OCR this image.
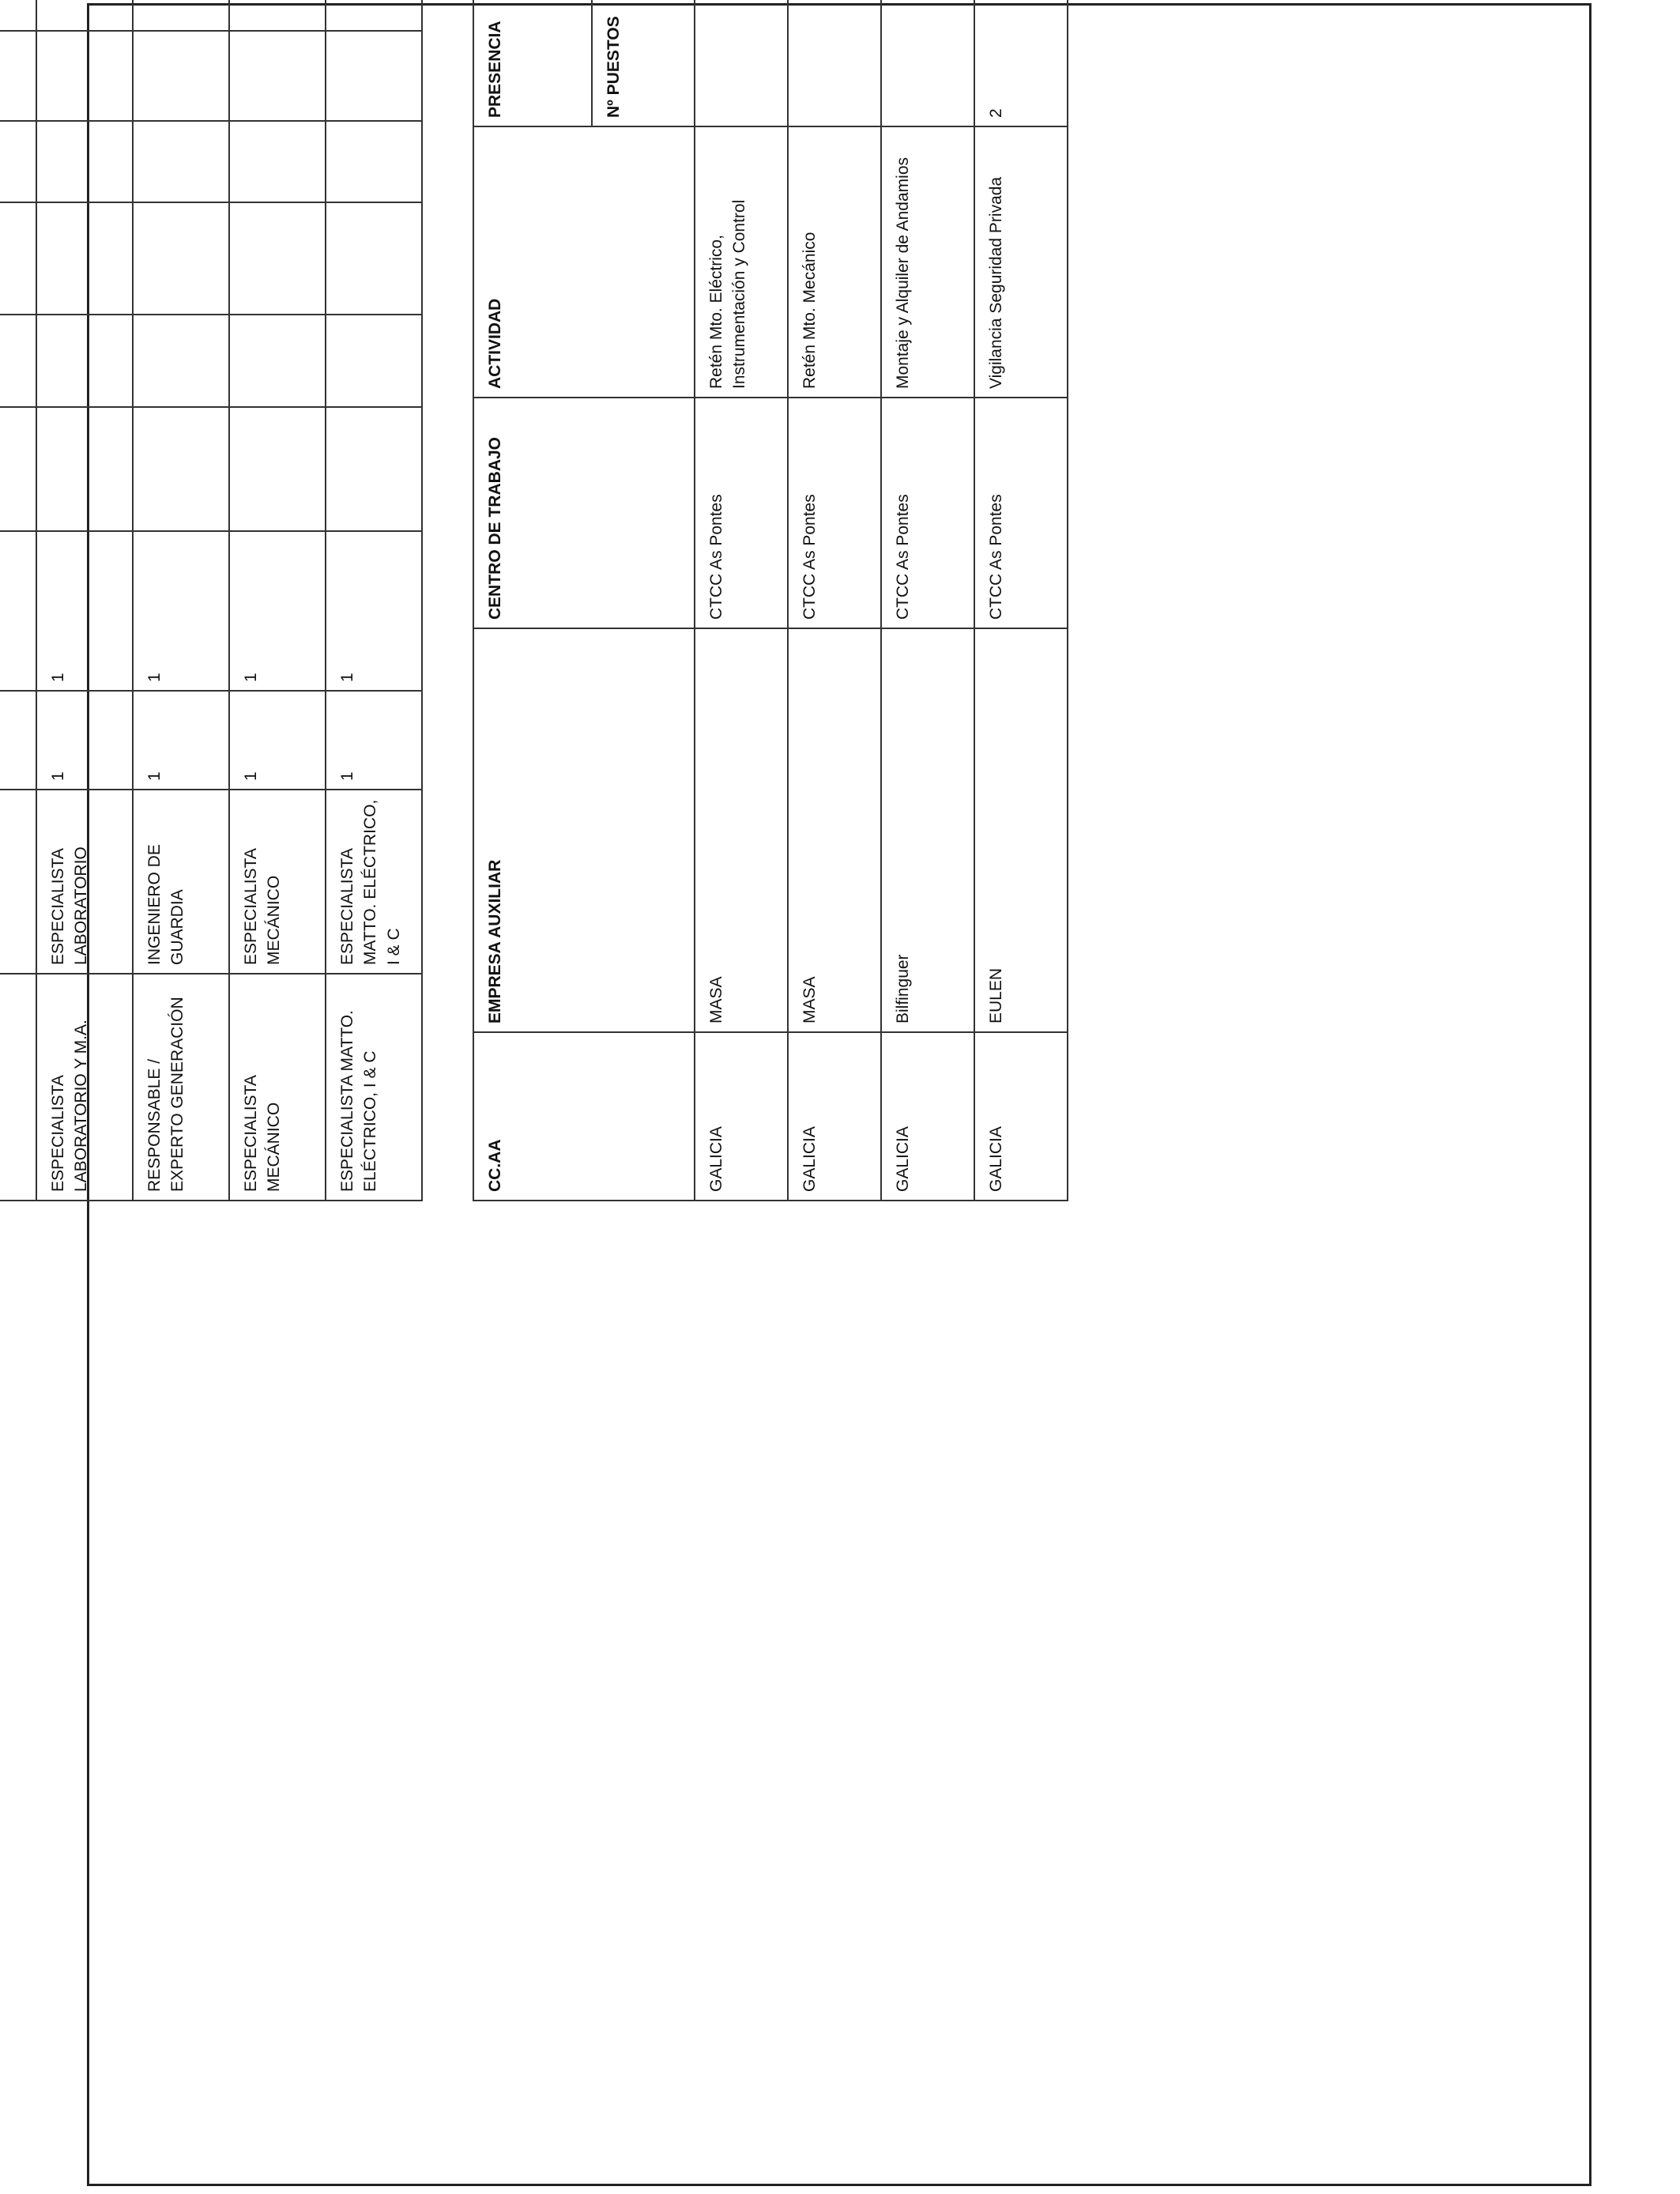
ESPECIALISTA LABORATORIO Y M.A.	ESPECIALISTA LABORATORIO	1	1										
RESPONSABLE / EXPERTO GENERACIÓN	INGENIERO DE GUARDIA	1	1										
ESPECIALISTA MECÁNICO	ESPECIALISTA MECÁNICO	1	1										
ESPECIALISTA MATTO. ELÉCTRICO, I & C	ESPECIALISTA MATTO. ELÉCTRICO, I & C	1	1										
CC.AA	EMPRESA AUXILIAR	CENTRO DE TRABAJO	ACTIVIDAD	PRESENCIA		
				Nº PUESTOS					
GALICIA	MASA	CTCC As Pontes	Retén Mto. Eléctrico, Instrumentación y Control						
GALICIA	MASA	CTCC As Pontes	Retén Mto. Mecánico						
GALICIA	Bilfinguer	CTCC As Pontes	Montaje y Alquiler de Andamios						
GALICIA	EULEN	CTCC As Pontes	Vigilancia Seguridad Privada	2					
